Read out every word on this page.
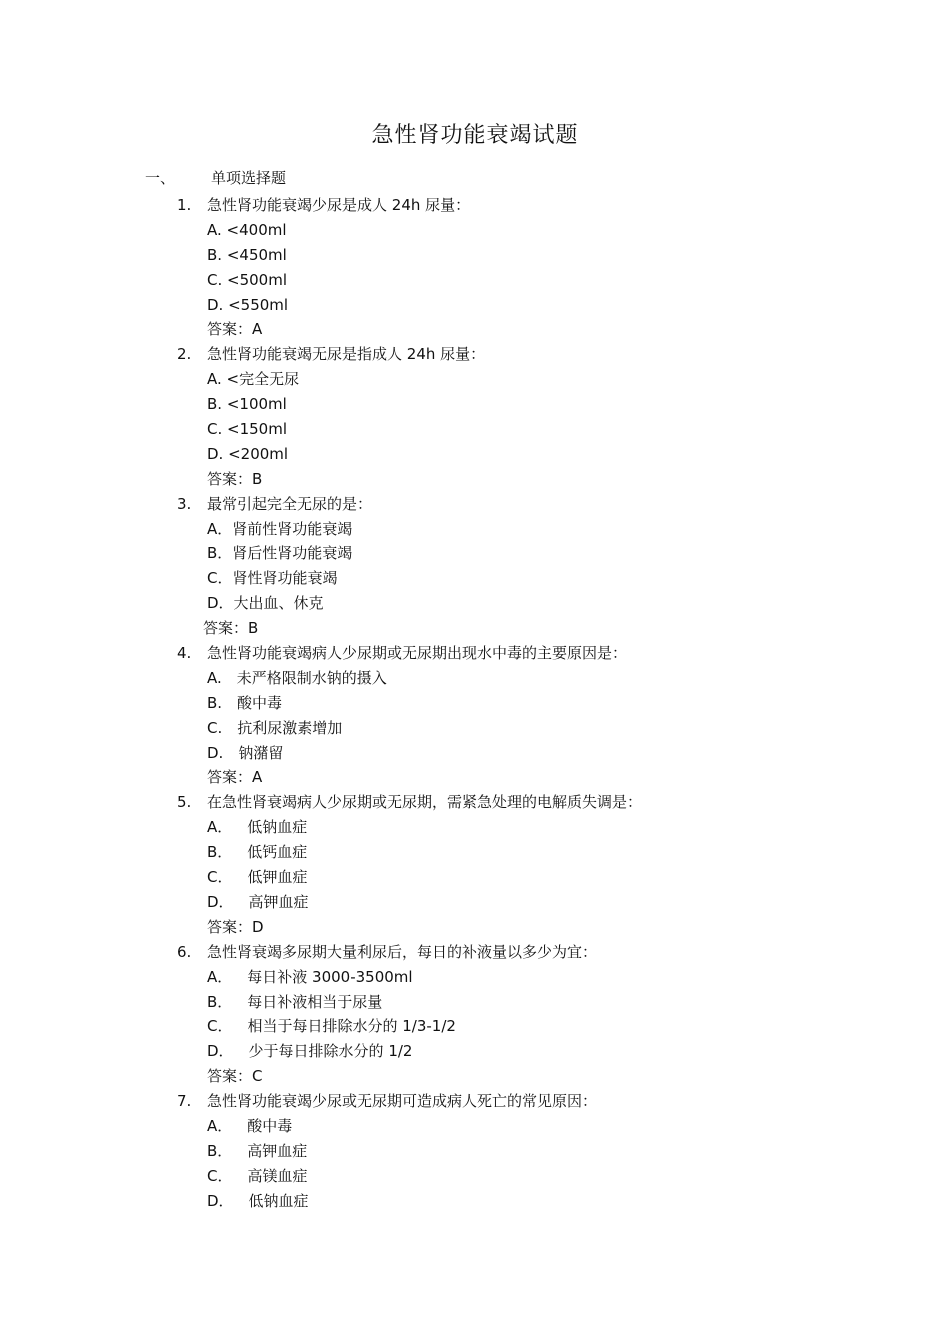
急性肾功能衰竭试题
一、 单项选择题
1. 急性肾功能衰竭少尿是成人 24h 尿量：
A. <400ml
B. <450ml
C. <500ml
D. <550ml
答案：A
2. 急性肾功能衰竭无尿是指成人 24h 尿量：
A. <完全无尿
B. <100ml
C. <150ml
D. <200ml
答案：B
3. 最常引起完全无尿的是：
A．肾前性肾功能衰竭
B．肾后性肾功能衰竭
C．肾性肾功能衰竭
D．大出血、休克
答案：B
4. 急性肾功能衰竭病人少尿期或无尿期出现水中毒的主要原因是：
A. 未严格限制水钠的摄入
B. 酸中毒
C. 抗利尿激素增加
D. 钠潴留
答案：A
5. 在急性肾衰竭病人少尿期或无尿期，需紧急处理的电解质失调是：
A． 低钠血症
B． 低钙血症
C． 低钾血症
D． 高钾血症
答案：D
6. 急性肾衰竭多尿期大量利尿后，每日的补液量以多少为宜：
A． 每日补液 3000-3500ml
B． 每日补液相当于尿量
C． 相当于每日排除水分的 1/3-1/2
D． 少于每日排除水分的 1/2
答案：C
7. 急性肾功能衰竭少尿或无尿期可造成病人死亡的常见原因：
A． 酸中毒
B． 高钾血症
C． 高镁血症
D． 低钠血症
